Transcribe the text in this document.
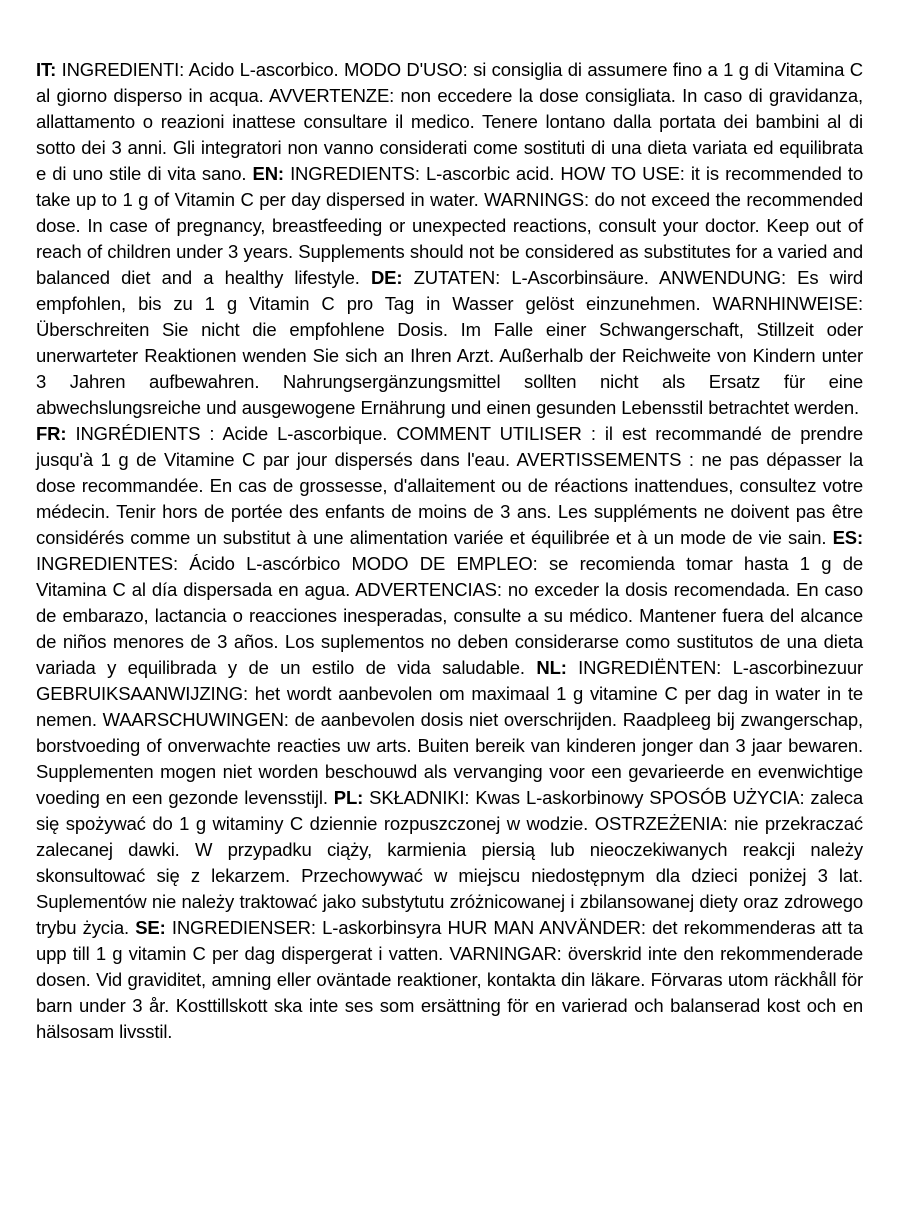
IT: INGREDIENTI: Acido L-ascorbico. MODO D'USO: si consiglia di assumere fino a 1 g di Vitamina C al giorno disperso in acqua. AVVERTENZE: non eccedere la dose consigliata. In caso di gravidanza, allattamento o reazioni inattese consultare il medico. Tenere lontano dalla portata dei bambini al di sotto dei 3 anni. Gli integratori non vanno considerati come sostituti di una dieta variata ed equilibrata e di uno stile di vita sano. EN: INGREDIENTS: L-ascorbic acid. HOW TO USE: it is recommended to take up to 1 g of Vitamin C per day dispersed in water. WARNINGS: do not exceed the recommended dose. In case of pregnancy, breastfeeding or unexpected reactions, consult your doctor. Keep out of reach of children under 3 years. Supplements should not be considered as substitutes for a varied and balanced diet and a healthy lifestyle. DE: ZUTATEN: L-Ascorbinsäure. ANWENDUNG: Es wird empfohlen, bis zu 1 g Vitamin C pro Tag in Wasser gelöst einzunehmen. WARNHINWEISE: Überschreiten Sie nicht die empfohlene Dosis. Im Falle einer Schwangerschaft, Stillzeit oder unerwarteter Reaktionen wenden Sie sich an Ihren Arzt. Außerhalb der Reichweite von Kindern unter 3 Jahren aufbewahren. Nahrungsergänzungsmittel sollten nicht als Ersatz für eine abwechslungsreiche und ausgewogene Ernährung und einen gesunden Lebensstil betrachtet werden.

FR: INGRÉDIENTS : Acide L-ascorbique. COMMENT UTILISER : il est recommandé de prendre jusqu'à 1 g de Vitamine C par jour dispersés dans l'eau. AVERTISSEMENTS : ne pas dépasser la dose recommandée. En cas de grossesse, d'allaitement ou de réactions inattendues, consultez votre médecin. Tenir hors de portée des enfants de moins de 3 ans. Les suppléments ne doivent pas être considérés comme un substitut à une alimentation variée et équilibrée et à un mode de vie sain. ES: INGREDIENTES: Ácido L-ascórbico MODO DE EMPLEO: se recomienda tomar hasta 1 g de Vitamina C al día dispersada en agua. ADVERTENCIAS: no exceder la dosis recomendada. En caso de embarazo, lactancia o reacciones inesperadas, consulte a su médico. Mantener fuera del alcance de niños menores de 3 años. Los suplementos no deben considerarse como sustitutos de una dieta variada y equilibrada y de un estilo de vida saludable. NL: INGREDIËNTEN: L-ascorbinezuur GEBRUIKSAANWIJZING: het wordt aanbevolen om maximaal 1 g vitamine C per dag in water in te nemen. WAARSCHUWINGEN: de aanbevolen dosis niet overschrijden. Raadpleeg bij zwangerschap, borstvoeding of onverwachte reacties uw arts. Buiten bereik van kinderen jonger dan 3 jaar bewaren. Supplementen mogen niet worden beschouwd als vervanging voor een gevarieerde en evenwichtige voeding en een gezonde levensstijl. PL: SKŁADNIKI: Kwas L-askorbinowy SPOSÓB UŻYCIA: zaleca się spożywać do 1 g witaminy C dziennie rozpuszczonej w wodzie. OSTRZEŻENIA: nie przekraczać zalecanej dawki. W przypadku ciąży, karmienia piersią lub nieoczekiwanych reakcji należy skonsultować się z lekarzem. Przechowywać w miejscu niedostępnym dla dzieci poniżej 3 lat. Suplementów nie należy traktować jako substytutu zróżnicowanej i zbilansowanej diety oraz zdrowego trybu życia. SE: INGREDIENSER: L-askorbinsyra HUR MAN ANVÄNDER: det rekommenderas att ta upp till 1 g vitamin C per dag dispergerat i vatten. VARNINGAR: överskrid inte den rekommenderade dosen. Vid graviditet, amning eller oväntade reaktioner, kontakta din läkare. Förvaras utom räckhåll för barn under 3 år. Kosttillskott ska inte ses som ersättning för en varierad och balanserad kost och en hälsosam livsstil.
